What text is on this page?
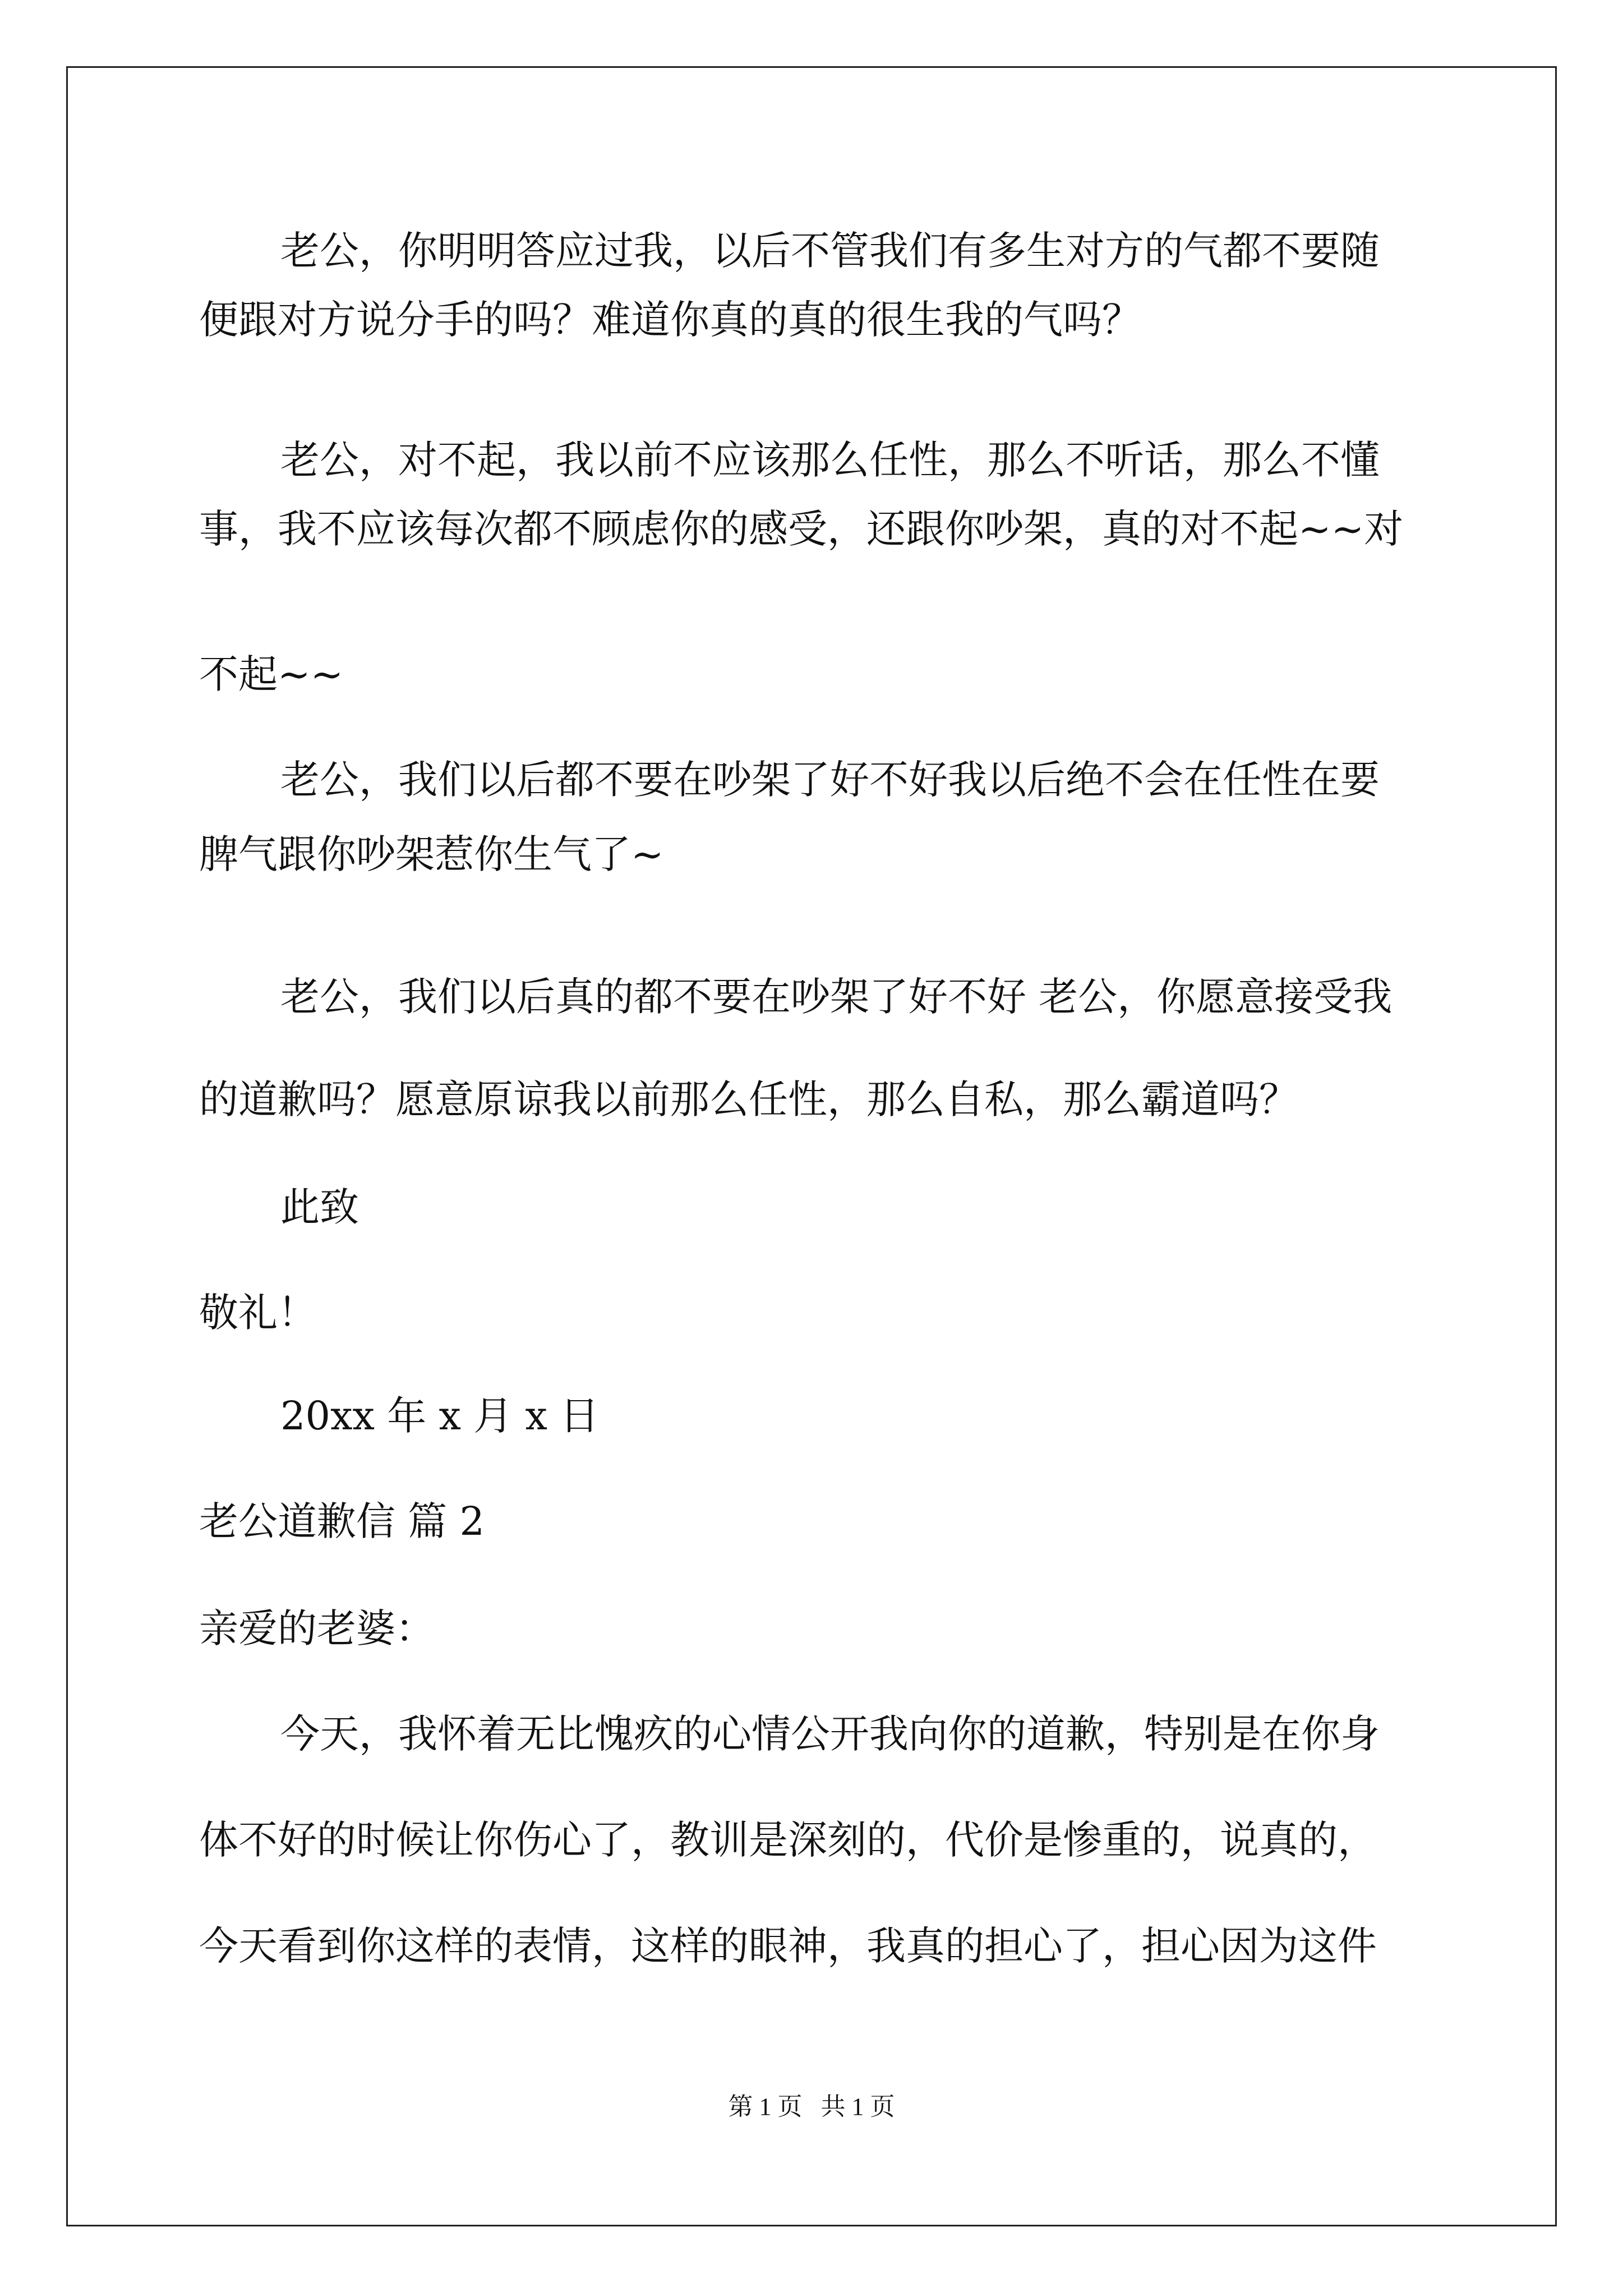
老公，你明明答应过我，以后不管我们有多生对方的气都不要随
便跟对方说分手的吗？难道你真的真的很生我的气吗？
老公，对不起，我以前不应该那么任性，那么不听话，那么不懂
事，我不应该每次都不顾虑你的感受，还跟你吵架，真的对不起~~对
不起~~
老公，我们以后都不要在吵架了好不好我以后绝不会在任性在要
脾气跟你吵架惹你生气了~
老公，我们以后真的都不要在吵架了好不好 老公，你愿意接受我
的道歉吗？愿意原谅我以前那么任性，那么自私，那么霸道吗？
此致
敬礼！
20xx 年 x 月 x 日
老公道歉信 篇 2
亲爱的老婆：
今天，我怀着无比愧疚的心情公开我向你的道歉，特别是在你身
体不好的时候让你伤心了，教训是深刻的，代价是惨重的，说真的，
今天看到你这样的表情，这样的眼神，我真的担心了，担心因为这件
第 1 页   共 1 页
